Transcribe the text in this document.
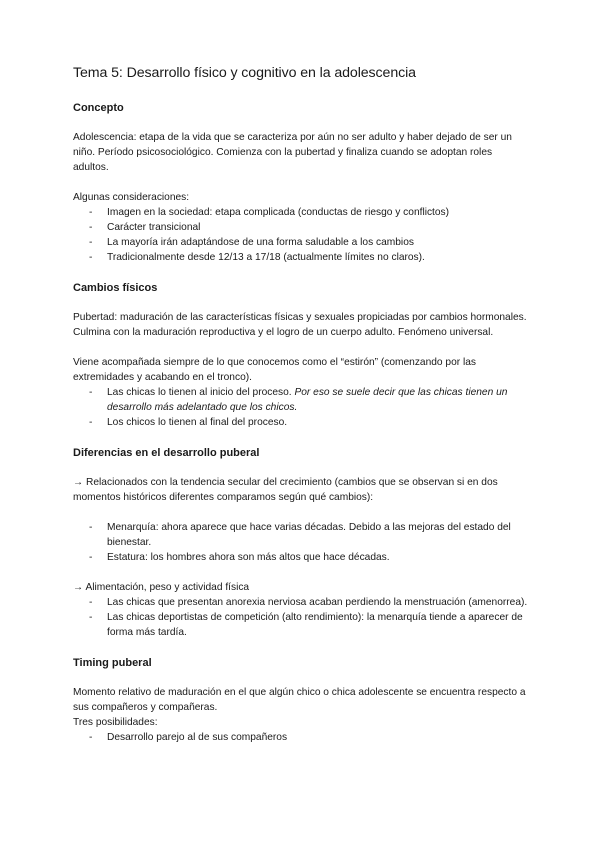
Tema 5: Desarrollo físico y cognitivo en la adolescencia
Concepto

Adolescencia: etapa de la vida que se caracteriza por aún no ser adulto y haber dejado de ser un niño. Período psicosociológico. Comienza con la pubertad y finaliza cuando se adoptan roles adultos.

Algunas consideraciones:

- Imagen en la sociedad: etapa complicada (conductas de riesgo y conflictos)
- Carácter transicional
- La mayoría irán adaptándose de una forma saludable a los cambios
- Tradicionalmente desde 12/13 a 17/18 (actualmente límites no claros).
Cambios físicos

Pubertad: maduración de las características físicas y sexuales propiciadas por cambios hormonales. Culmina con la maduración reproductiva y el logro de un cuerpo adulto. Fenómeno universal.

Viene acompañada siempre de lo que conocemos como el “estirón” (comenzando por las extremidades y acabando en el tronco).

- Las chicas lo tienen al inicio del proceso. Por eso se suele decir que las chicas tienen un desarrollo más adelantado que los chicos.
- Los chicos lo tienen al final del proceso.
Diferencias en el desarrollo puberal

→ Relacionados con la tendencia secular del crecimiento (cambios que se observan si en dos momentos históricos diferentes comparamos según qué cambios):

- Menarquía: ahora aparece que hace varias décadas. Debido a las mejoras del estado del bienestar.
- Estatura: los hombres ahora son más altos que hace décadas.

→ Alimentación, peso y actividad física

- Las chicas que presentan anorexia nerviosa acaban perdiendo la menstruación (amenorrea).
- Las chicas deportistas de competición (alto rendimiento): la menarquía tiende a aparecer de forma más tardía.
Timing puberal

Momento relativo de maduración en el que algún chico o chica adolescente se encuentra respecto a sus compañeros y compañeras.

Tres posibilidades:

- Desarrollo parejo al de sus compañeros
